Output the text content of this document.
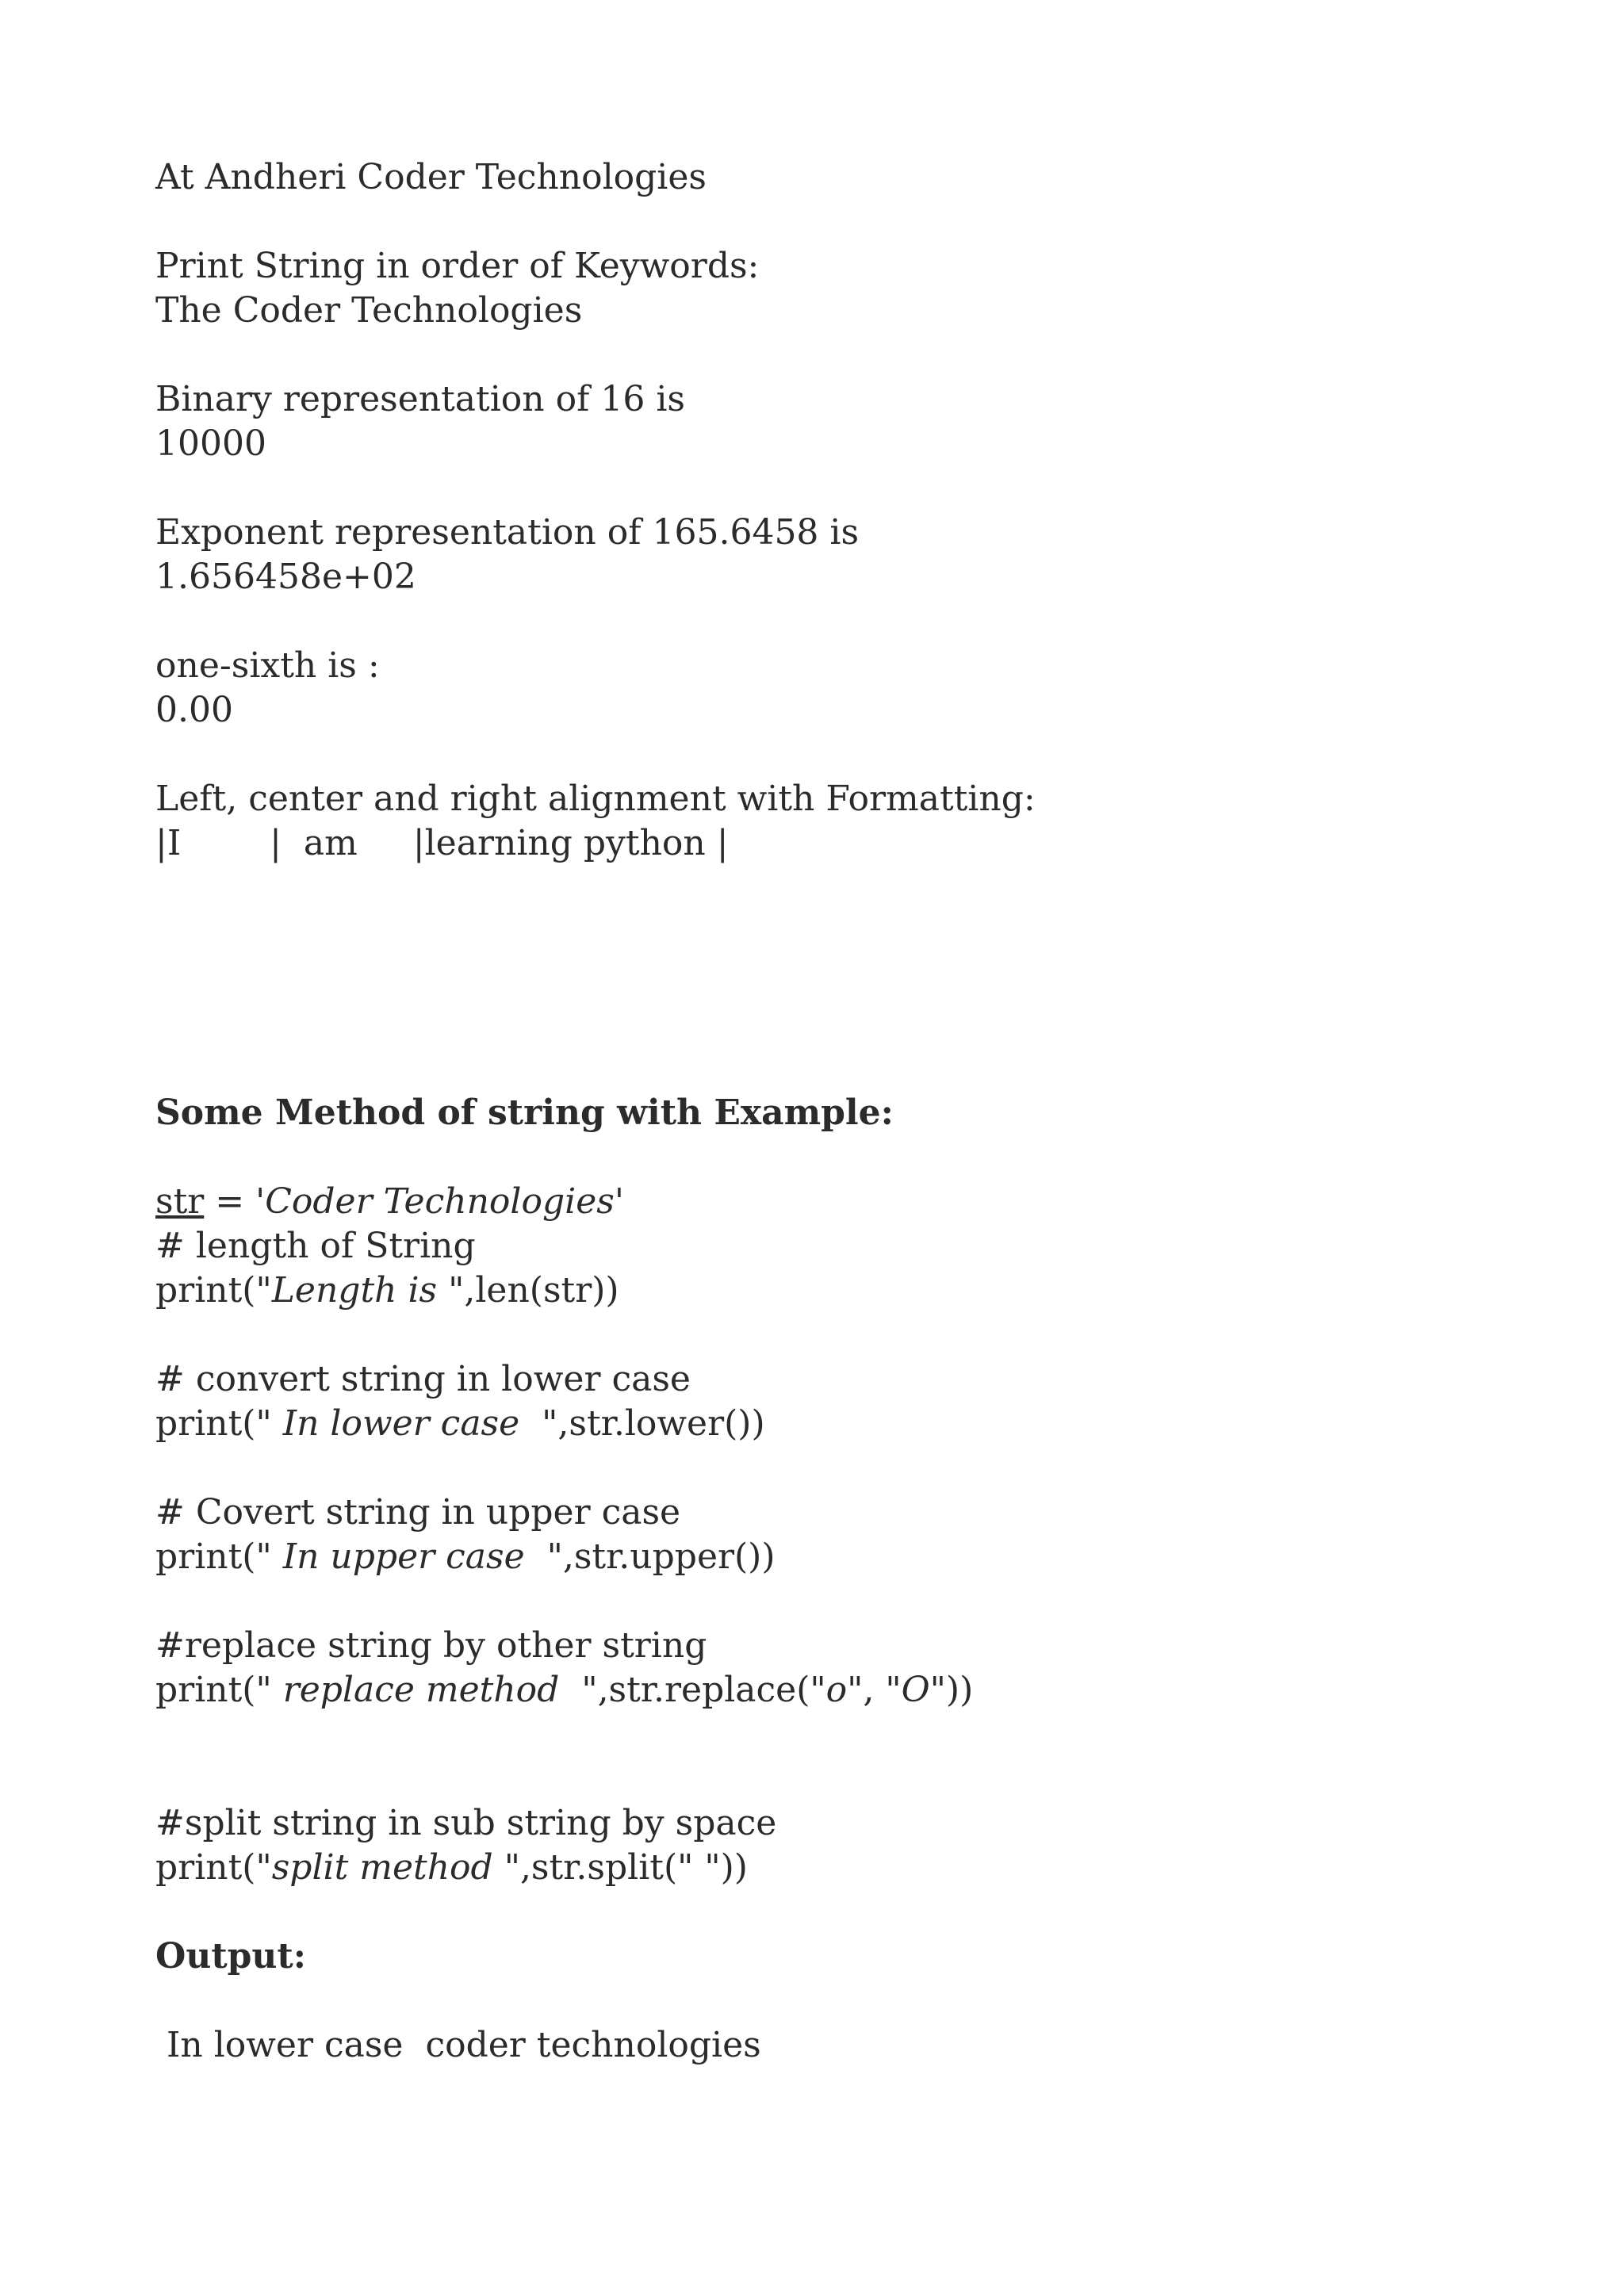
At Andheri Coder Technologies

Print String in order of Keywords:

The Coder Technologies

Binary representation of 16 is

10000

Exponent representation of 165.6458 is

1.656458e+02

one-sixth is :

0.00

Left, center and right alignment with Formatting:

|I        |  am     |learning python |

Some Method of string with Example:

str = 'Coder Technologies'

# length of String

print("Length is ",len(str))

# convert string in lower case

print(" In lower case  ",str.lower())

# Covert string in upper case

print(" In upper case  ",str.upper())

#replace string by other string

print(" replace method  ",str.replace("o", "O"))

#split string in sub string by space

print("split method ",str.split(" "))

Output:

In lower case  coder technologies
